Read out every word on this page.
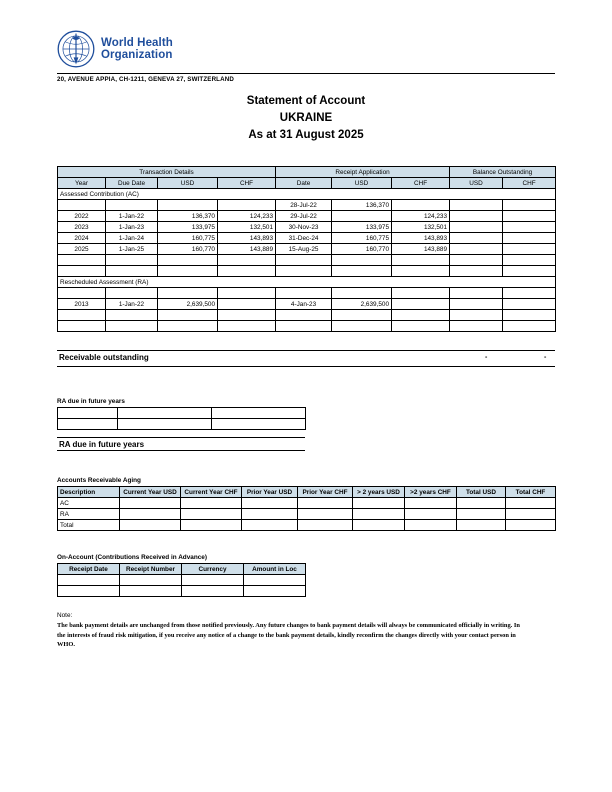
World Health
Organization
20, AVENUE APPIA, CH-1211, GENEVA 27, SWITZERLAND
Statement of Account
UKRAINE
As at 31 August 2025
Transaction Details				Receipt Application			Balance Outstanding	
Year	Due Date	USD	CHF	Date	USD	CHF	USD	CHF
Assessed Contribution (AC)								
				28-Jul-22	136,370			
2022	1-Jan-22	136,370	124,233	29-Jul-22		124,233		
2023	1-Jan-23	133,975	132,501	30-Nov-23	133,975	132,501		
2024	1-Jan-24	160,775	143,893	31-Dec-24	160,775	143,893		
2025	1-Jan-25	160,770	143,889	15-Aug-25	160,770	143,889		

Rescheduled Assessment (RA)								

2013	1-Jan-22	2,639,500		4-Jan-23	2,639,500			

Receivable outstanding	-	-
RA due in future years

RA due in future years
Accounts Receivable Aging
Description	Current Year USD	Current Year CHF	Prior Year USD	Prior Year CHF	> 2 years USD	>2 years CHF	Total USD	Total CHF
AC								
RA								
Total								
On-Account (Contributions Received in Advance)
Receipt Date	Receipt Number	Currency	Amount in Loc

Note:
The bank payment details are unchanged from those notified previously. Any future changes to bank payment details will always be communicated officially in writing. In the interests of fraud risk mitigation, if you receive any notice of a change to the bank payment details, kindly reconfirm the changes directly with your contact person in WHO.
